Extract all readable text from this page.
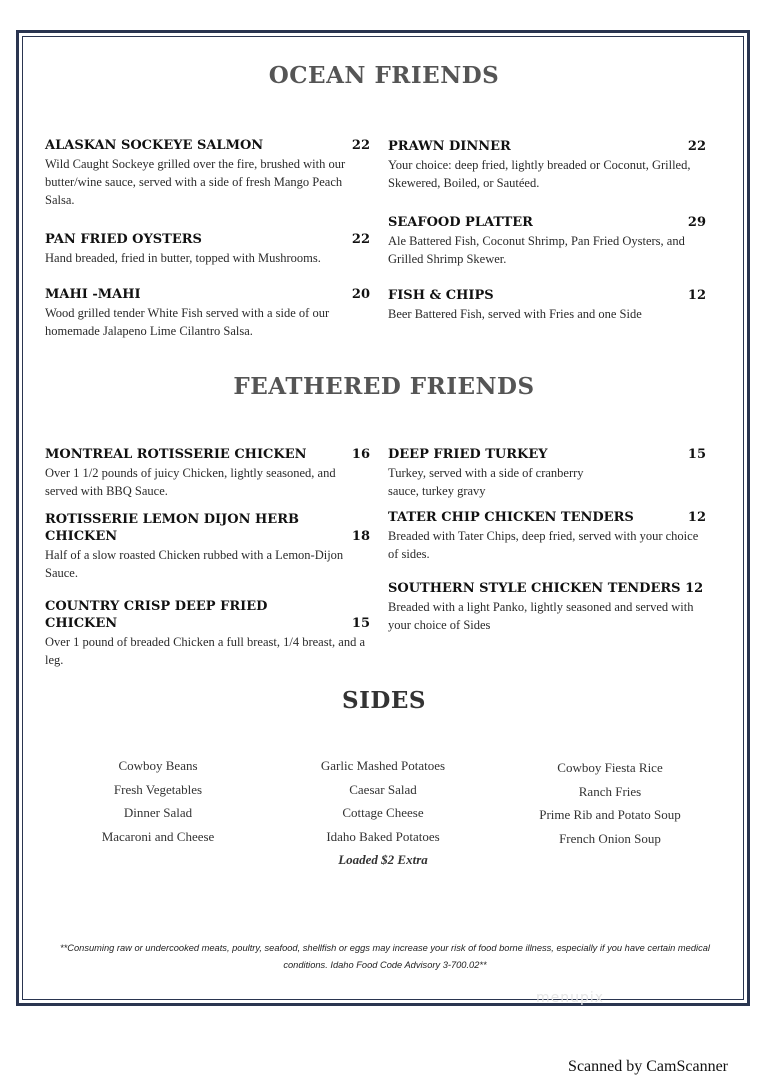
OCEAN FRIENDS
ALASKAN SOCKEYE SALMON	22
Wild Caught Sockeye grilled over the fire, brushed with our butter/wine sauce, served with a side of fresh Mango Peach Salsa.
PAN FRIED OYSTERS	22
Hand breaded, fried in butter, topped with Mushrooms.
MAHI -MAHI	20
Wood grilled tender White Fish served with a side of our homemade Jalapeno Lime Cilantro Salsa.
PRAWN DINNER	22
Your choice: deep fried, lightly breaded or Coconut, Grilled, Skewered, Boiled, or Sautéed.
SEAFOOD PLATTER	29
Ale Battered Fish, Coconut Shrimp, Pan Fried Oysters, and Grilled Shrimp Skewer.
FISH & CHIPS	12
Beer Battered Fish, served with Fries and one Side
FEATHERED FRIENDS
MONTREAL ROTISSERIE CHICKEN	16
Over 1 1/2 pounds of juicy Chicken, lightly seasoned, and served with BBQ Sauce.
ROTISSERIE LEMON DIJON HERB CHICKEN	18
Half of a slow roasted Chicken rubbed with a Lemon-Dijon Sauce.
COUNTRY CRISP DEEP FRIED CHICKEN	15
Over 1 pound of breaded Chicken a full breast, 1/4 breast, and a leg.
DEEP FRIED TURKEY	15
Turkey, served with a side of cranberry sauce, turkey gravy
TATER CHIP CHICKEN TENDERS	12
Breaded with Tater Chips, deep fried, served with your choice of sides.
SOUTHERN STYLE CHICKEN TENDERS 12
Breaded with a light Panko, lightly seasoned and served with your choice of Sides
SIDES
Cowboy Beans
Fresh Vegetables
Dinner Salad
Macaroni and Cheese
Garlic Mashed Potatoes
Caesar Salad
Cottage Cheese
Idaho Baked Potatoes
Loaded $2 Extra
Cowboy Fiesta Rice
Ranch Fries
Prime Rib and Potato Soup
French Onion Soup
**Consuming raw or undercooked meats, poultry, seafood, shellfish or eggs may increase your risk of food borne illness, especially if you have certain medical conditions. Idaho Food Code Advisory 3-700.02**
menupix
Scanned by CamScanner
